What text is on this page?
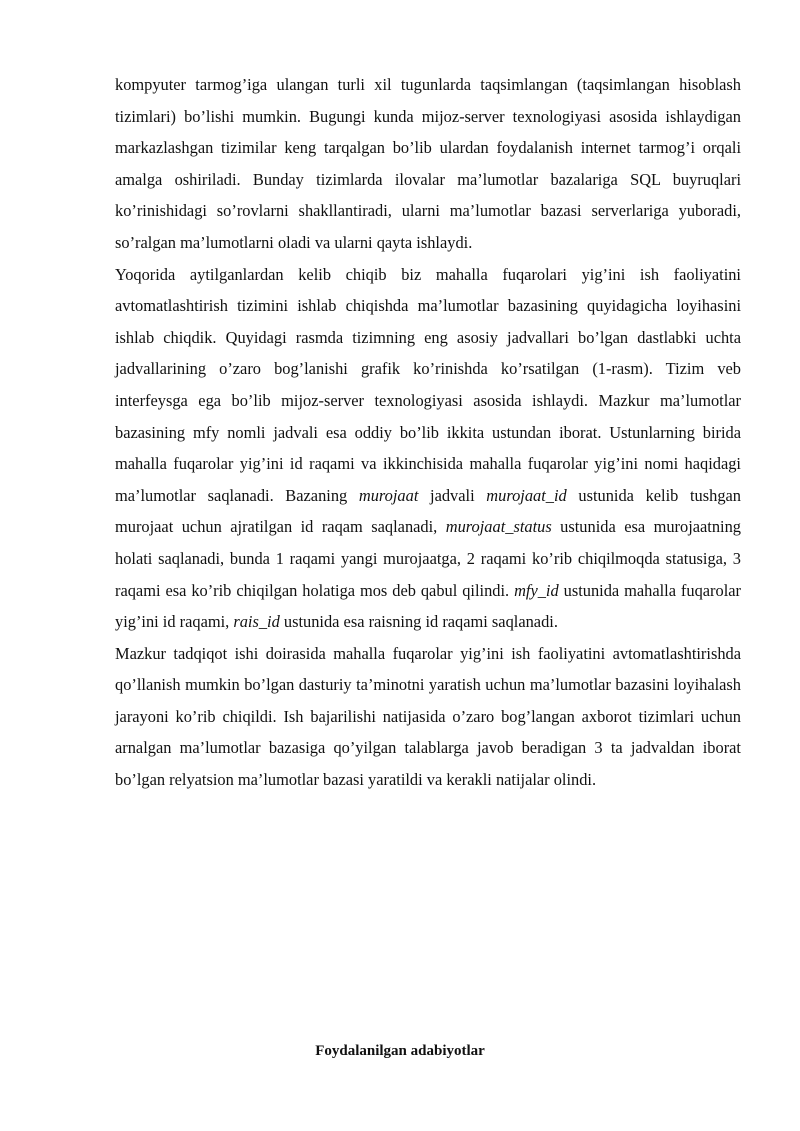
kompyuter tarmog’iga ulangan turli xil tugunlarda taqsimlangan (taqsimlangan hisoblash tizimlari) bo’lishi mumkin. Bugungi kunda mijoz-server texnologiyasi asosida ishlaydigan markazlashgan tizimilar keng tarqalgan bo’lib ulardan foydalanish internet tarmog’i orqali amalga oshiriladi. Bunday tizimlarda ilovalar ma’lumotlar bazalariga SQL buyruqlari ko’rinishidagi so’rovlarni shakllantiradi, ularni ma’lumotlar bazasi serverlariga yuboradi, so’ralgan ma’lumotlarni oladi va ularni qayta ishlaydi.

Yoqorida aytilganlardan kelib chiqib biz mahalla fuqarolari yig’ini ish faoliyatini avtomatlashtirish tizimini ishlab chiqishda ma’lumotlar bazasining quyidagicha loyihasini ishlab chiqdik. Quyidagi rasmda tizimning eng asosiy jadvallari bo’lgan dastlabki uchta jadvallarining o’zaro bog’lanishi grafik ko’rinishda ko’rsatilgan (1-rasm). Tizim veb interfeysga ega bo’lib mijoz-server texnologiyasi asosida ishlaydi. Mazkur ma’lumotlar bazasining mfy nomli jadvali esa oddiy bo’lib ikkita ustundan iborat. Ustunlarning birida mahalla fuqarolar yig’ini id raqami va ikkinchisida mahalla fuqarolar yig’ini nomi haqidagi ma’lumotlar saqlanadi. Bazaning murojaat jadvali murojaat_id ustunida kelib tushgan murojaat uchun ajratilgan id raqam saqlanadi, murojaat_status ustunida esa murojaatning holati saqlanadi, bunda 1 raqami yangi murojaatga, 2 raqami ko’rib chiqilmoqda statusiga, 3 raqami esa ko’rib chiqilgan holatiga mos deb qabul qilindi. mfy_id ustunida mahalla fuqarolar yig’ini id raqami, rais_id ustunida esa raisning id raqami saqlanadi.

Mazkur tadqiqot ishi doirasida mahalla fuqarolar yig’ini ish faoliyatini avtomatlashtirishda qo’llanish mumkin bo’lgan dasturiy ta’minotni yaratish uchun ma’lumotlar bazasini loyihalash jarayoni ko’rib chiqildi. Ish bajarilishi natijasida o’zaro bog’langan axborot tizimlari uchun arnalgan ma’lumotlar bazasiga qo’yilgan talablarga javob beradigan 3 ta jadvaldan iborat bo’lgan relyatsion ma’lumotlar bazasi yaratildi va kerakli natijalar olindi.

Foydalanilgan adabiyotlar
